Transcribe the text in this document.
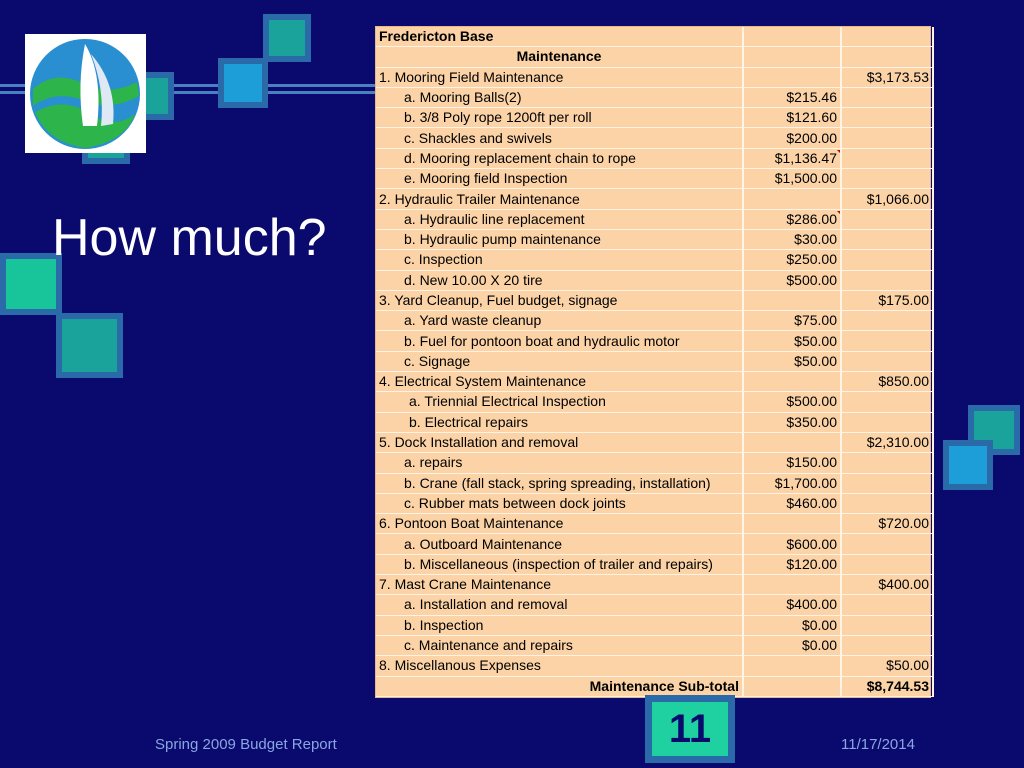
How much?
Fredericton Base		
Maintenance		
1. Mooring Field Maintenance		$3,173.53
a. Mooring Balls(2)	$215.46	
b. 3/8 Poly rope 1200ft per roll	$121.60	
c. Shackles and swivels	$200.00	
d. Mooring replacement chain to rope	$1,136.47	
e. Mooring field Inspection	$1,500.00	
2. Hydraulic Trailer Maintenance		$1,066.00
a. Hydraulic line replacement	$286.00	
b. Hydraulic pump maintenance	$30.00	
c. Inspection	$250.00	
d. New 10.00 X 20 tire	$500.00	
3. Yard Cleanup, Fuel budget, signage		$175.00
a. Yard waste cleanup	$75.00	
b. Fuel for pontoon boat and hydraulic motor	$50.00	
c. Signage	$50.00	
4. Electrical System Maintenance		$850.00
a. Triennial Electrical Inspection	$500.00	
b. Electrical repairs	$350.00	
5. Dock Installation and removal		$2,310.00
a. repairs	$150.00	
b. Crane (fall stack, spring spreading, installation)	$1,700.00	
c. Rubber mats between dock joints	$460.00	
6. Pontoon Boat Maintenance		$720.00
a. Outboard Maintenance	$600.00	
b. Miscellaneous (inspection of trailer and repairs)	$120.00	
7. Mast Crane Maintenance		$400.00
a. Installation and removal	$400.00	
b. Inspection	$0.00	
c. Maintenance and repairs	$0.00	
8. Miscellanous Expenses		$50.00
Maintenance Sub-total		$8,744.53
11
Spring 2009 Budget Report	11/17/2014
